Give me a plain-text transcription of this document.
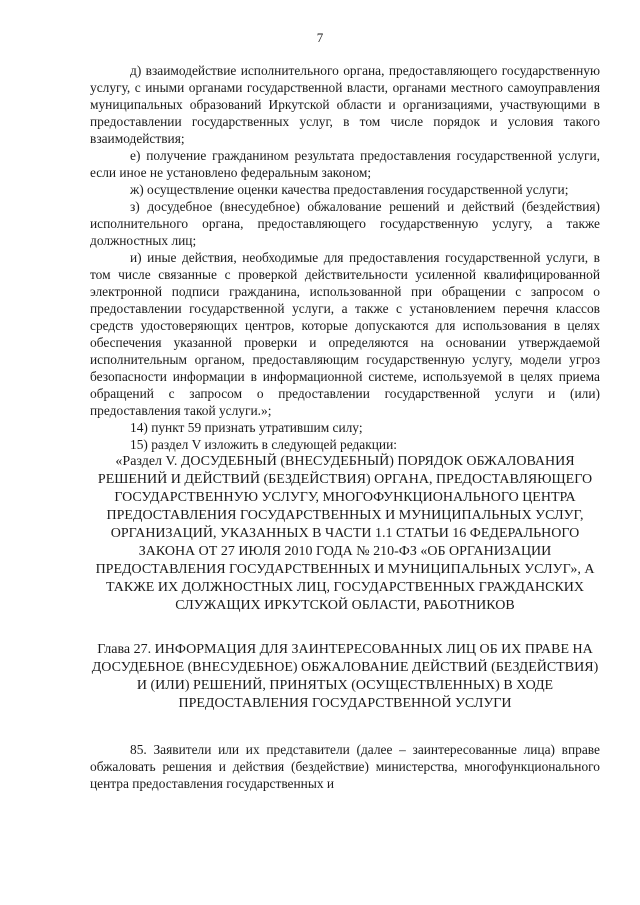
7

д) взаимодействие исполнительного органа, предоставляющего государственную услугу, с иными органами государственной власти, органами местного самоуправления муниципальных образований Иркутской области и организациями, участвующими в предоставлении государственных услуг, в том числе порядок и условия такого взаимодействия;

е) получение гражданином результата предоставления государственной услуги, если иное не установлено федеральным законом;

ж) осуществление оценки качества предоставления государственной услуги;

з) досудебное (внесудебное) обжалование решений и действий (бездействия) исполнительного органа, предоставляющего государственную услугу, а также должностных лиц;

и) иные действия, необходимые для предоставления государственной услуги, в том числе связанные с проверкой действительности усиленной квалифицированной электронной подписи гражданина, использованной при обращении с запросом о предоставлении государственной услуги, а также с установлением перечня классов средств удостоверяющих центров, которые допускаются для использования в целях обеспечения указанной проверки и определяются на основании утверждаемой исполнительным органом, предоставляющим государственную услугу, модели угроз безопасности информации в информационной системе, используемой в целях приема обращений с запросом о предоставлении государственной услуги и (или) предоставления такой услуги.»;

14) пункт 59 признать утратившим силу;

15) раздел V изложить в следующей редакции:

«Раздел V. ДОСУДЕБНЫЙ (ВНЕСУДЕБНЫЙ) ПОРЯДОК ОБЖАЛОВАНИЯ РЕШЕНИЙ И ДЕЙСТВИЙ (БЕЗДЕЙСТВИЯ) ОРГАНА, ПРЕДОСТАВЛЯЮЩЕГО ГОСУДАРСТВЕННУЮ УСЛУГУ, МНОГОФУНКЦИОНАЛЬНОГО ЦЕНТРА ПРЕДОСТАВЛЕНИЯ ГОСУДАРСТВЕННЫХ И МУНИЦИПАЛЬНЫХ УСЛУГ, ОРГАНИЗАЦИЙ, УКАЗАННЫХ В ЧАСТИ 1.1 СТАТЬИ 16 ФЕДЕРАЛЬНОГО ЗАКОНА ОТ 27 ИЮЛЯ 2010 ГОДА № 210-ФЗ «ОБ ОРГАНИЗАЦИИ ПРЕДОСТАВЛЕНИЯ ГОСУДАРСТВЕННЫХ И МУНИЦИПАЛЬНЫХ УСЛУГ», А ТАКЖЕ ИХ ДОЛЖНОСТНЫХ ЛИЦ, ГОСУДАРСТВЕННЫХ ГРАЖДАНСКИХ СЛУЖАЩИХ ИРКУТСКОЙ ОБЛАСТИ, РАБОТНИКОВ

Глава 27. ИНФОРМАЦИЯ ДЛЯ ЗАИНТЕРЕСОВАННЫХ ЛИЦ ОБ ИХ ПРАВЕ НА ДОСУДЕБНОЕ (ВНЕСУДЕБНОЕ) ОБЖАЛОВАНИЕ ДЕЙСТВИЙ (БЕЗДЕЙСТВИЯ) И (ИЛИ) РЕШЕНИЙ, ПРИНЯТЫХ (ОСУЩЕСТВЛЕННЫХ) В ХОДЕ ПРЕДОСТАВЛЕНИЯ ГОСУДАРСТВЕННОЙ УСЛУГИ

85. Заявители или их представители (далее – заинтересованные лица) вправе обжаловать решения и действия (бездействие) министерства, многофункционального центра предоставления государственных и
